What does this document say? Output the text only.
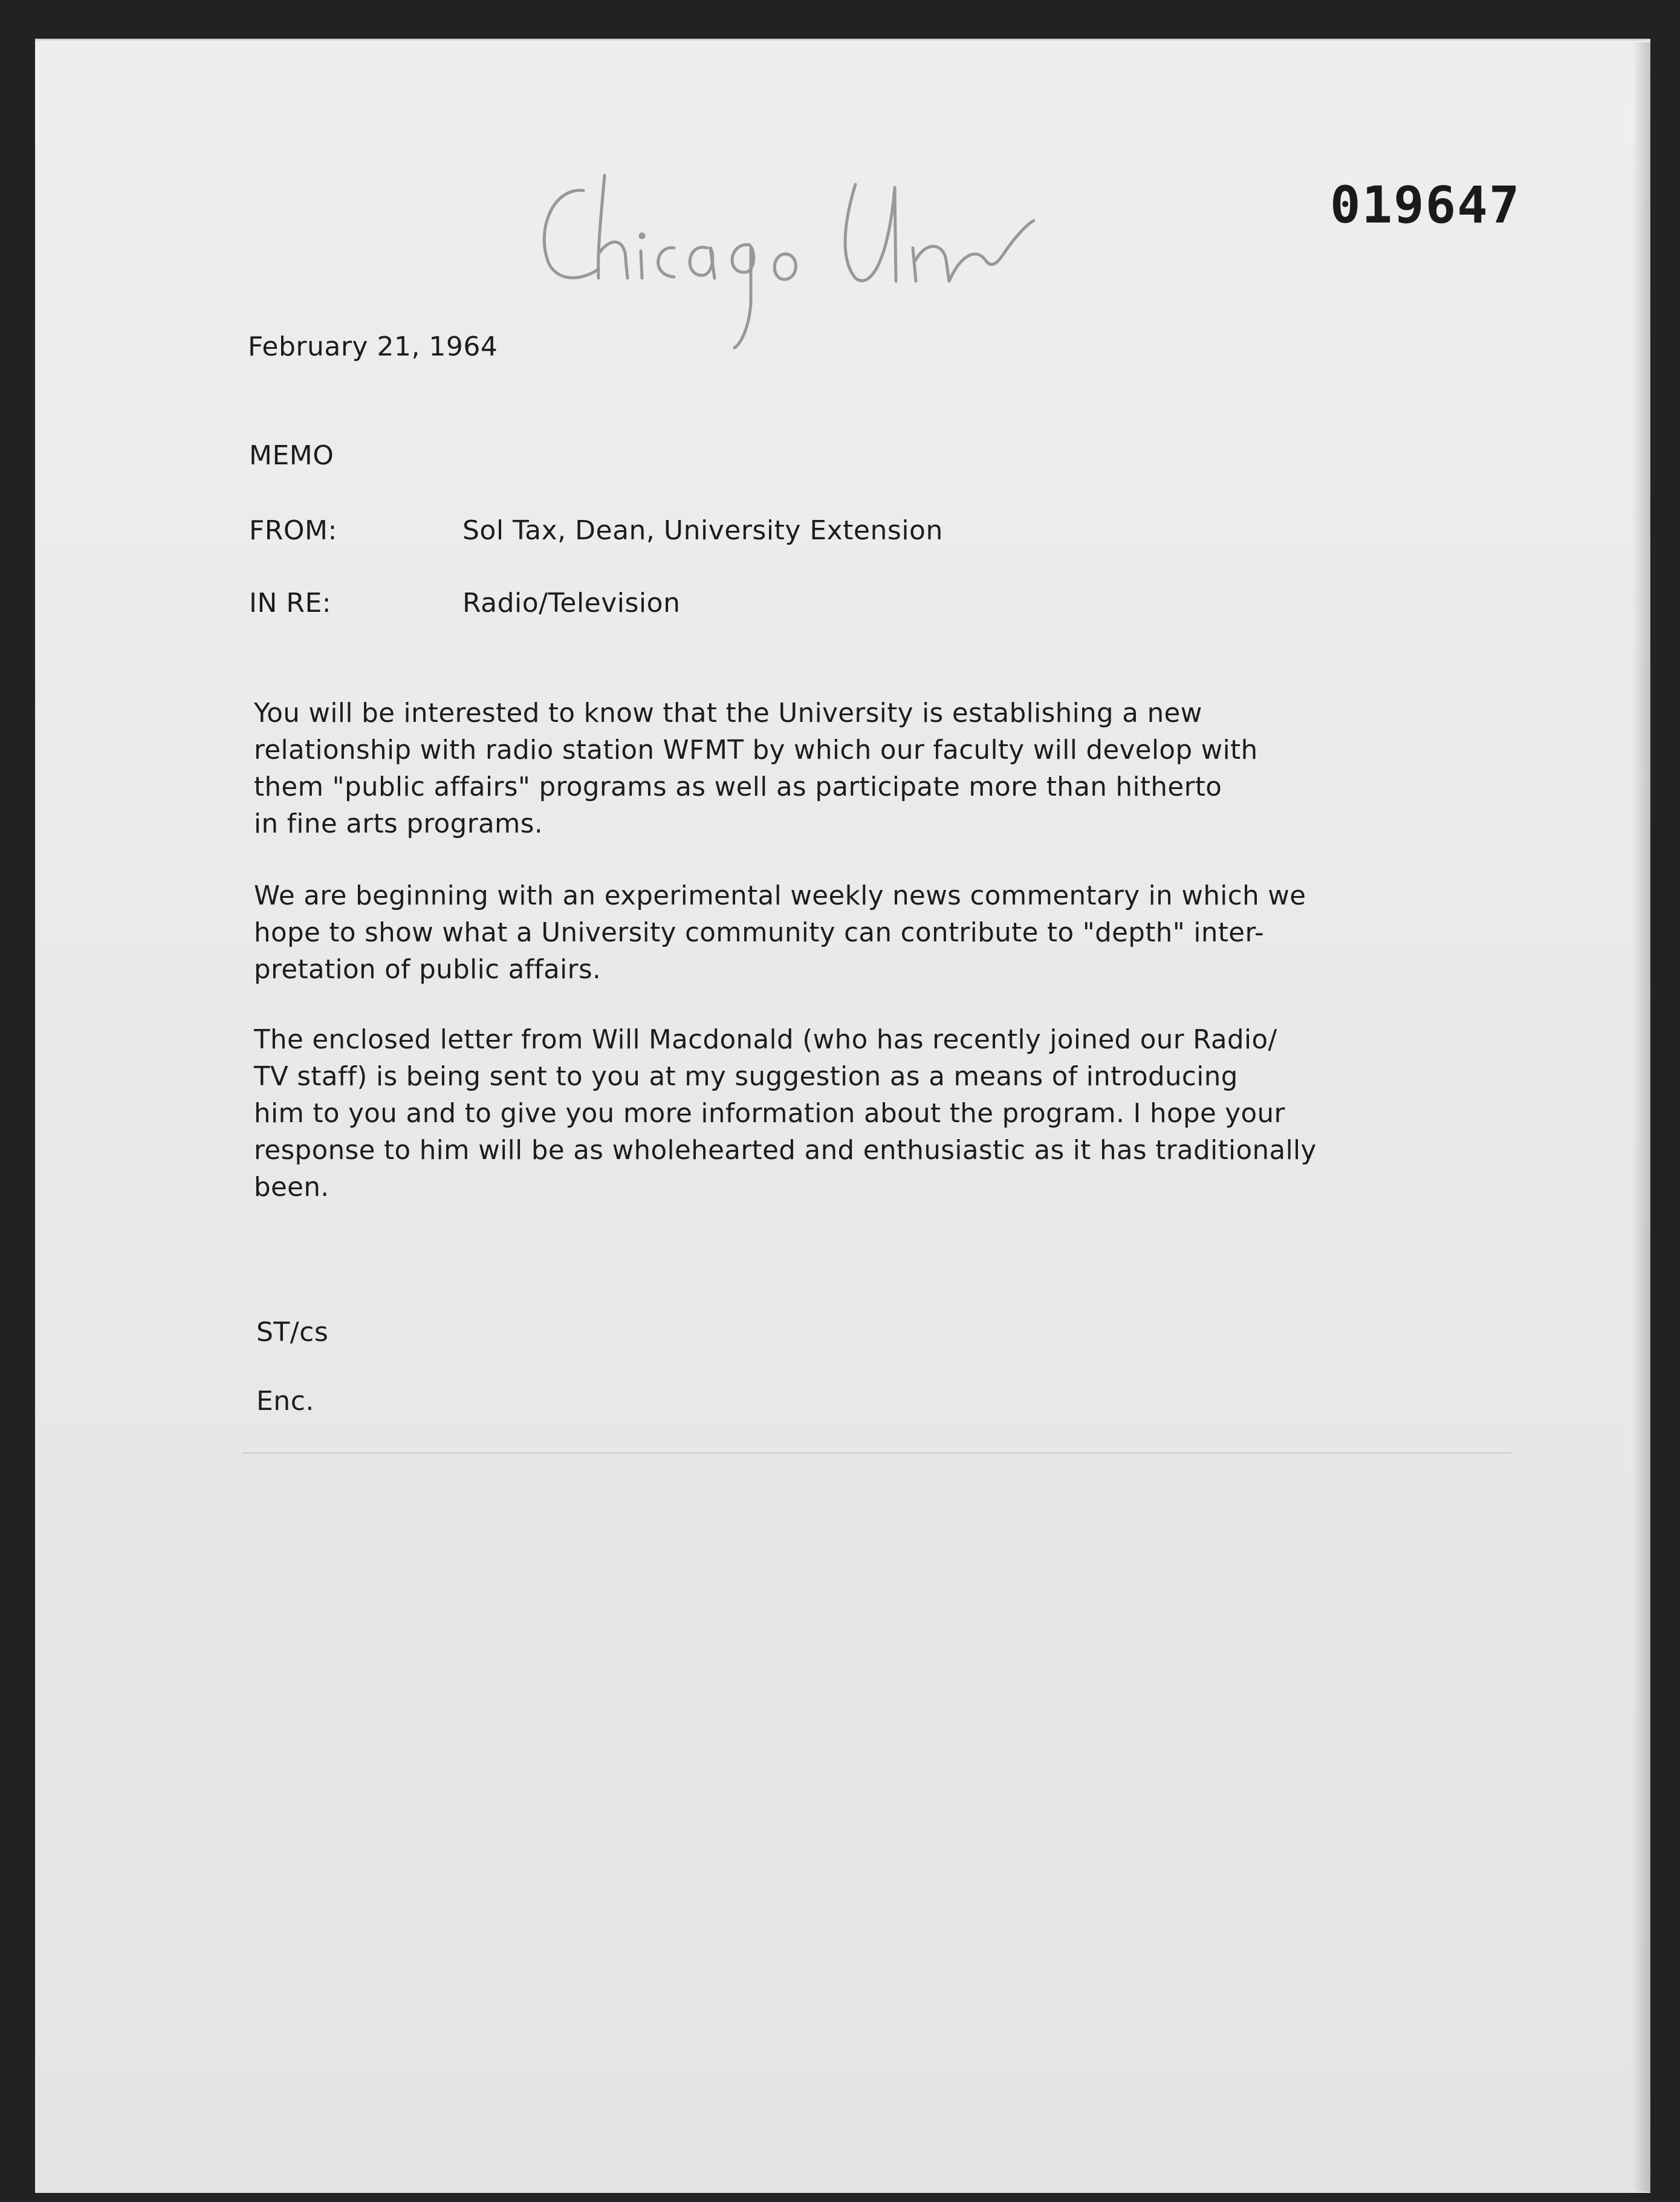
019647
February 21, 1964
MEMO
FROM:	Sol Tax, Dean, University Extension
IN RE:	Radio/Television
You will be interested to know that the University is establishing a new
relationship with radio station WFMT by which our faculty will develop with
them "public affairs" programs as well as participate more than hitherto
in fine arts programs.
We are beginning with an experimental weekly news commentary in which we
hope to show what a University community can contribute to "depth" inter-
pretation of public affairs.
The enclosed letter from Will Macdonald (who has recently joined our Radio/
TV staff) is being sent to you at my suggestion as a means of introducing
him to you and to give you more information about the program. I hope your
response to him will be as wholehearted and enthusiastic as it has traditionally
been.
ST/cs
Enc.
